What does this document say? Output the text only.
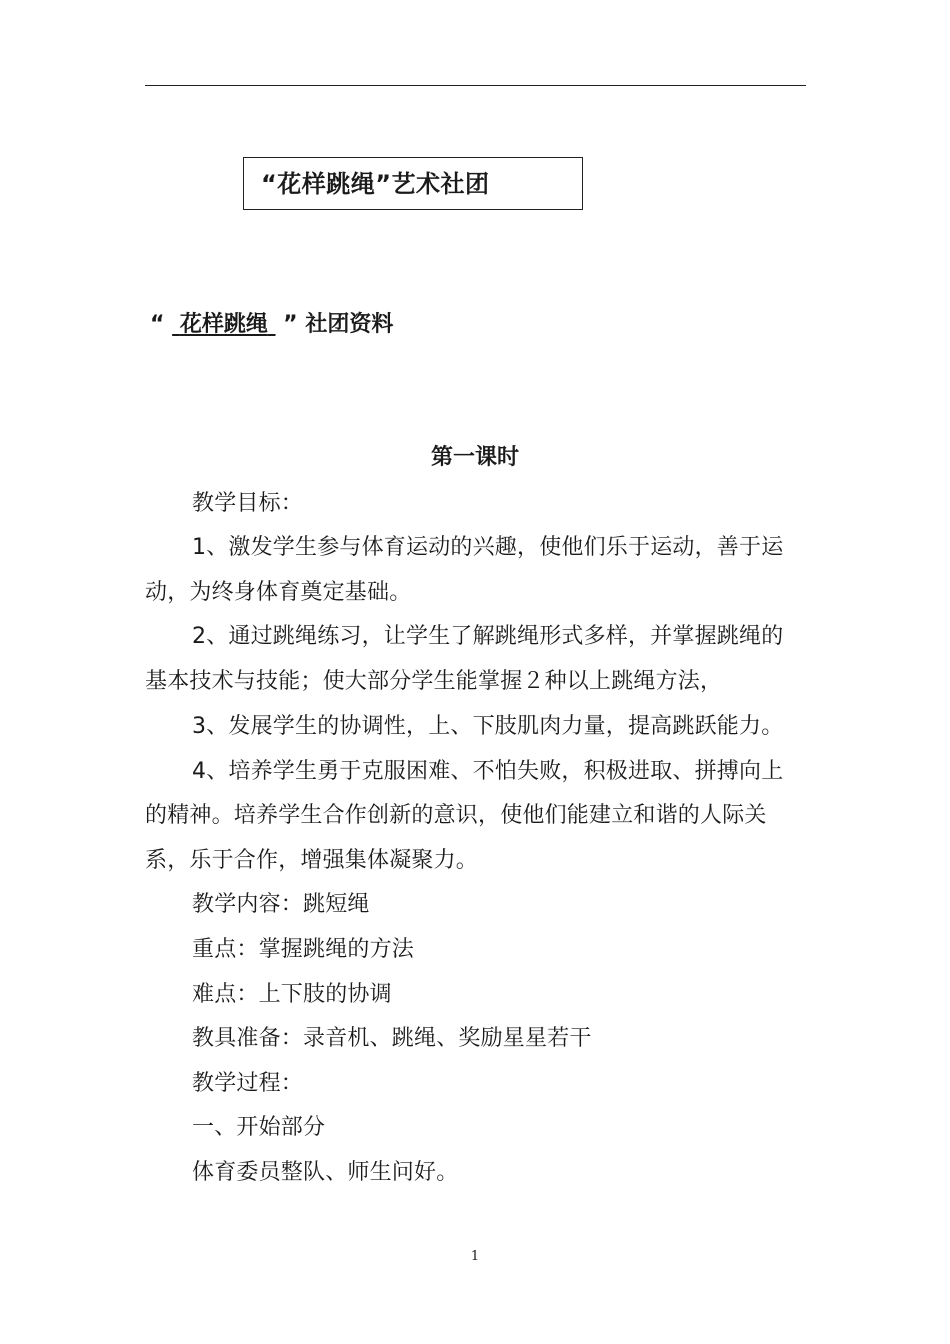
“花样跳绳”艺术社团
“ 花样跳绳 ” 社团资料
第一课时
教学目标：
1、激发学生参与体育运动的兴趣，使他们乐于运动，善于运
动，为终身体育奠定基础。
2、通过跳绳练习，让学生了解跳绳形式多样，并掌握跳绳的
基本技术与技能；使大部分学生能掌握２种以上跳绳方法，
3、发展学生的协调性，上、下肢肌肉力量，提高跳跃能力。
4、培养学生勇于克服困难、不怕失败，积极进取、拼搏向上
的精神。培养学生合作创新的意识，使他们能建立和谐的人际关
系，乐于合作，增强集体凝聚力。
教学内容：跳短绳
重点：掌握跳绳的方法
难点：上下肢的协调
教具准备：录音机、跳绳、奖励星星若干
教学过程：
一、开始部分
体育委员整队、师生问好。
1
